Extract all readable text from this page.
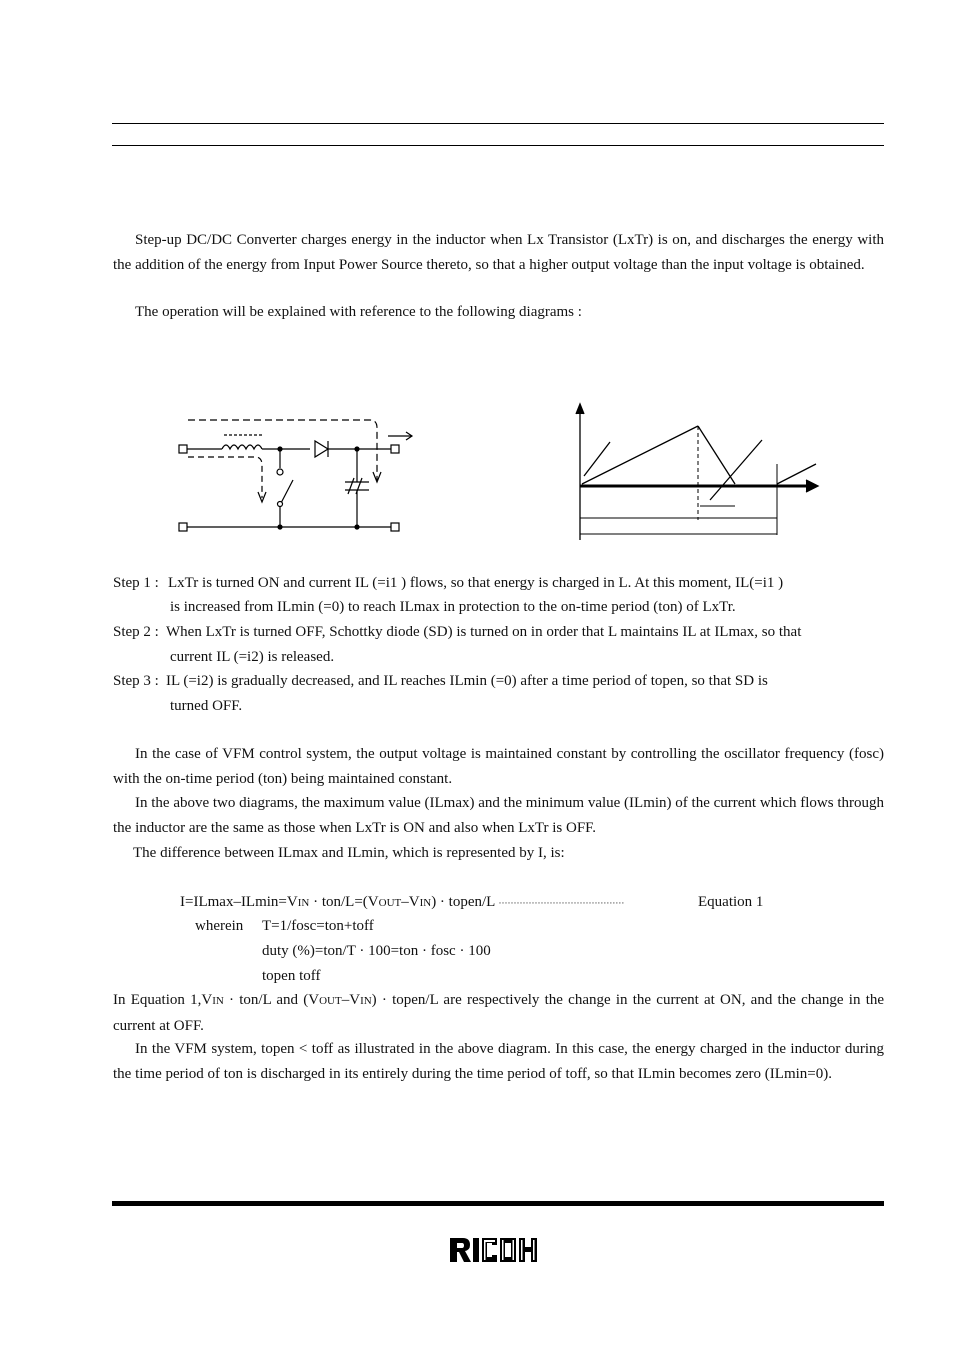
Step-up DC/DC Converter charges energy in the inductor when Lx Transistor (LxTr) is on, and discharges the energy with the addition of the energy from Input Power Source thereto, so that a higher output voltage than the input voltage is obtained.

The operation will be explained with reference to the following diagrams :
Step 1 : LxTr is turned ON and current IL (=i1 ) flows, so that energy is charged in L. At this moment, IL(=i1 )
is increased from ILmin (=0) to reach ILmax in protection to the on-time period (ton) of LxTr.
Step 2 : When LxTr is turned OFF, Schottky diode (SD) is turned on in order that L maintains IL at ILmax, so that
current IL (=i2) is released.
Step 3 : IL (=i2) is gradually decreased, and IL reaches ILmin (=0) after a time period of topen, so that SD is
turned OFF.

In the case of VFM control system, the output voltage is maintained constant by controlling the oscillator frequency (fosc) with the on-time period (ton) being maintained constant.

In the above two diagrams, the maximum value (ILmax) and the minimum value (ILmin) of the current which flows through the inductor are the same as those when LxTr is ON and also when LxTr is OFF.

The difference between ILmax and ILmin, which is represented by I, is:
I=ILmax–ILmin=VIN · ton/L=(VOUT–VIN) · topen/L ··········································	Equation 1
wherein T=1/fosc=ton+toff
duty (%)=ton/T · 100=ton · fosc · 100
topen toff

In Equation 1,VIN · ton/L and (VOUT–VIN) · topen/L are respectively the change in the current at ON, and the change in the current at OFF.

In the VFM system, topen < toff as illustrated in the above diagram. In this case, the energy charged in the inductor during the time period of ton is discharged in its entirely during the time period of toff, so that ILmin becomes zero (ILmin=0).
